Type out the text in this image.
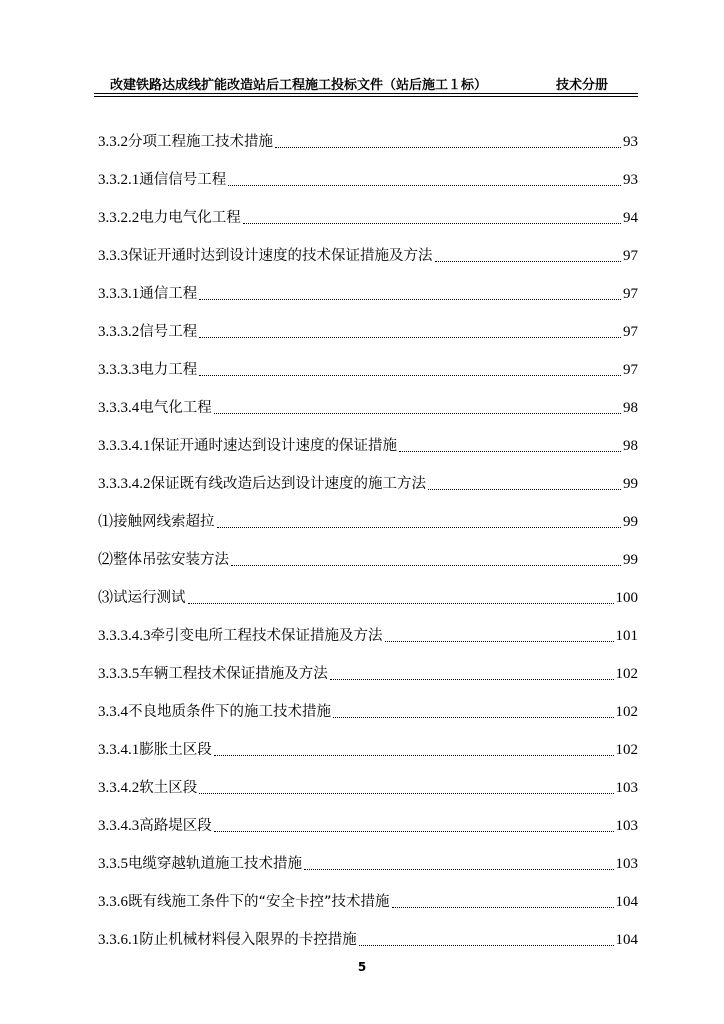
改建铁路达成线扩能改造站后工程施工投标文件（站后施工１标）	技术分册
3.3.2 分项工程施工技术措施	93
3.3.2.1 通信信号工程	93
3.3.2.2 电力电气化工程	94
3.3.3 保证开通时达到设计速度的技术保证措施及方法	97
3.3.3.1 通信工程	97
3.3.3.2 信号工程	97
3.3.3.3 电力工程	97
3.3.3.4 电气化工程	98
3.3.3.4.1 保证开通时速达到设计速度的保证措施	98
3.3.3.4.2 保证既有线改造后达到设计速度的施工方法	99
⑴ 接触网线索超拉	99
⑵ 整体吊弦安装方法	99
⑶ 试运行测试	100
3.3.3.4.3 牵引变电所工程技术保证措施及方法	101
3.3.3.5 车辆工程技术保证措施及方法	102
3.3.4 不良地质条件下的施工技术措施	102
3.3.4.1 膨胀土区段	102
3.3.4.2 软土区段	103
3.3.4.3 高路堤区段	103
3.3.5 电缆穿越轨道施工技术措施	103
3.3.6 既有线施工条件下的“安全卡控”技术措施	104
3.3.6.1 防止机械材料侵入限界的卡控措施	104
5
